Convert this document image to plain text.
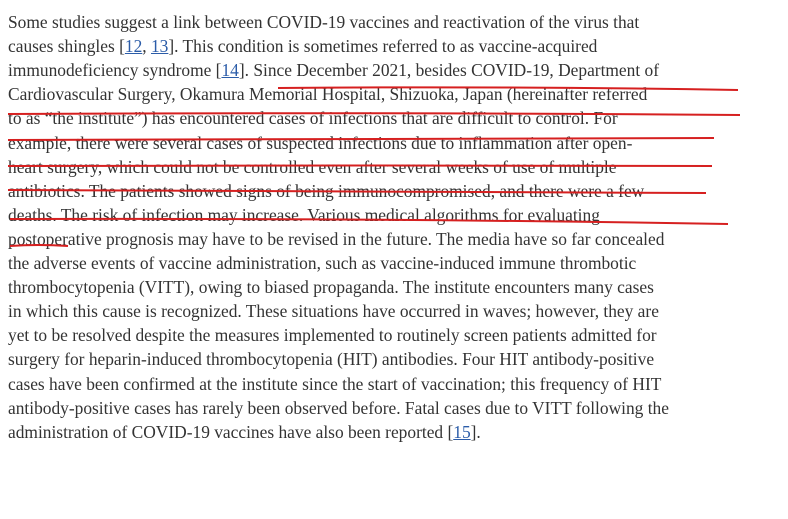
Some studies suggest a link between COVID-19 vaccines and reactivation of the virus that
causes shingles [12, 13]. This condition is sometimes referred to as vaccine-acquired
immunodeficiency syndrome [14]. Since December 2021, besides COVID-19, Department of
Cardiovascular Surgery, Okamura Memorial Hospital, Shizuoka, Japan (hereinafter referred
to as “the institute”) has encountered cases of infections that are difficult to control. For
example, there were several cases of suspected infections due to inflammation after open-
heart surgery, which could not be controlled even after several weeks of use of multiple
antibiotics. The patients showed signs of being immunocompromised, and there were a few
deaths. The risk of infection may increase. Various medical algorithms for evaluating
postoperative prognosis may have to be revised in the future. The media have so far concealed
the adverse events of vaccine administration, such as vaccine-induced immune thrombotic
thrombocytopenia (VITT), owing to biased propaganda. The institute encounters many cases
in which this cause is recognized. These situations have occurred in waves; however, they are
yet to be resolved despite the measures implemented to routinely screen patients admitted for
surgery for heparin-induced thrombocytopenia (HIT) antibodies. Four HIT antibody-positive
cases have been confirmed at the institute since the start of vaccination; this frequency of HIT
antibody-positive cases has rarely been observed before. Fatal cases due to VITT following the
administration of COVID-19 vaccines have also been reported [15].
